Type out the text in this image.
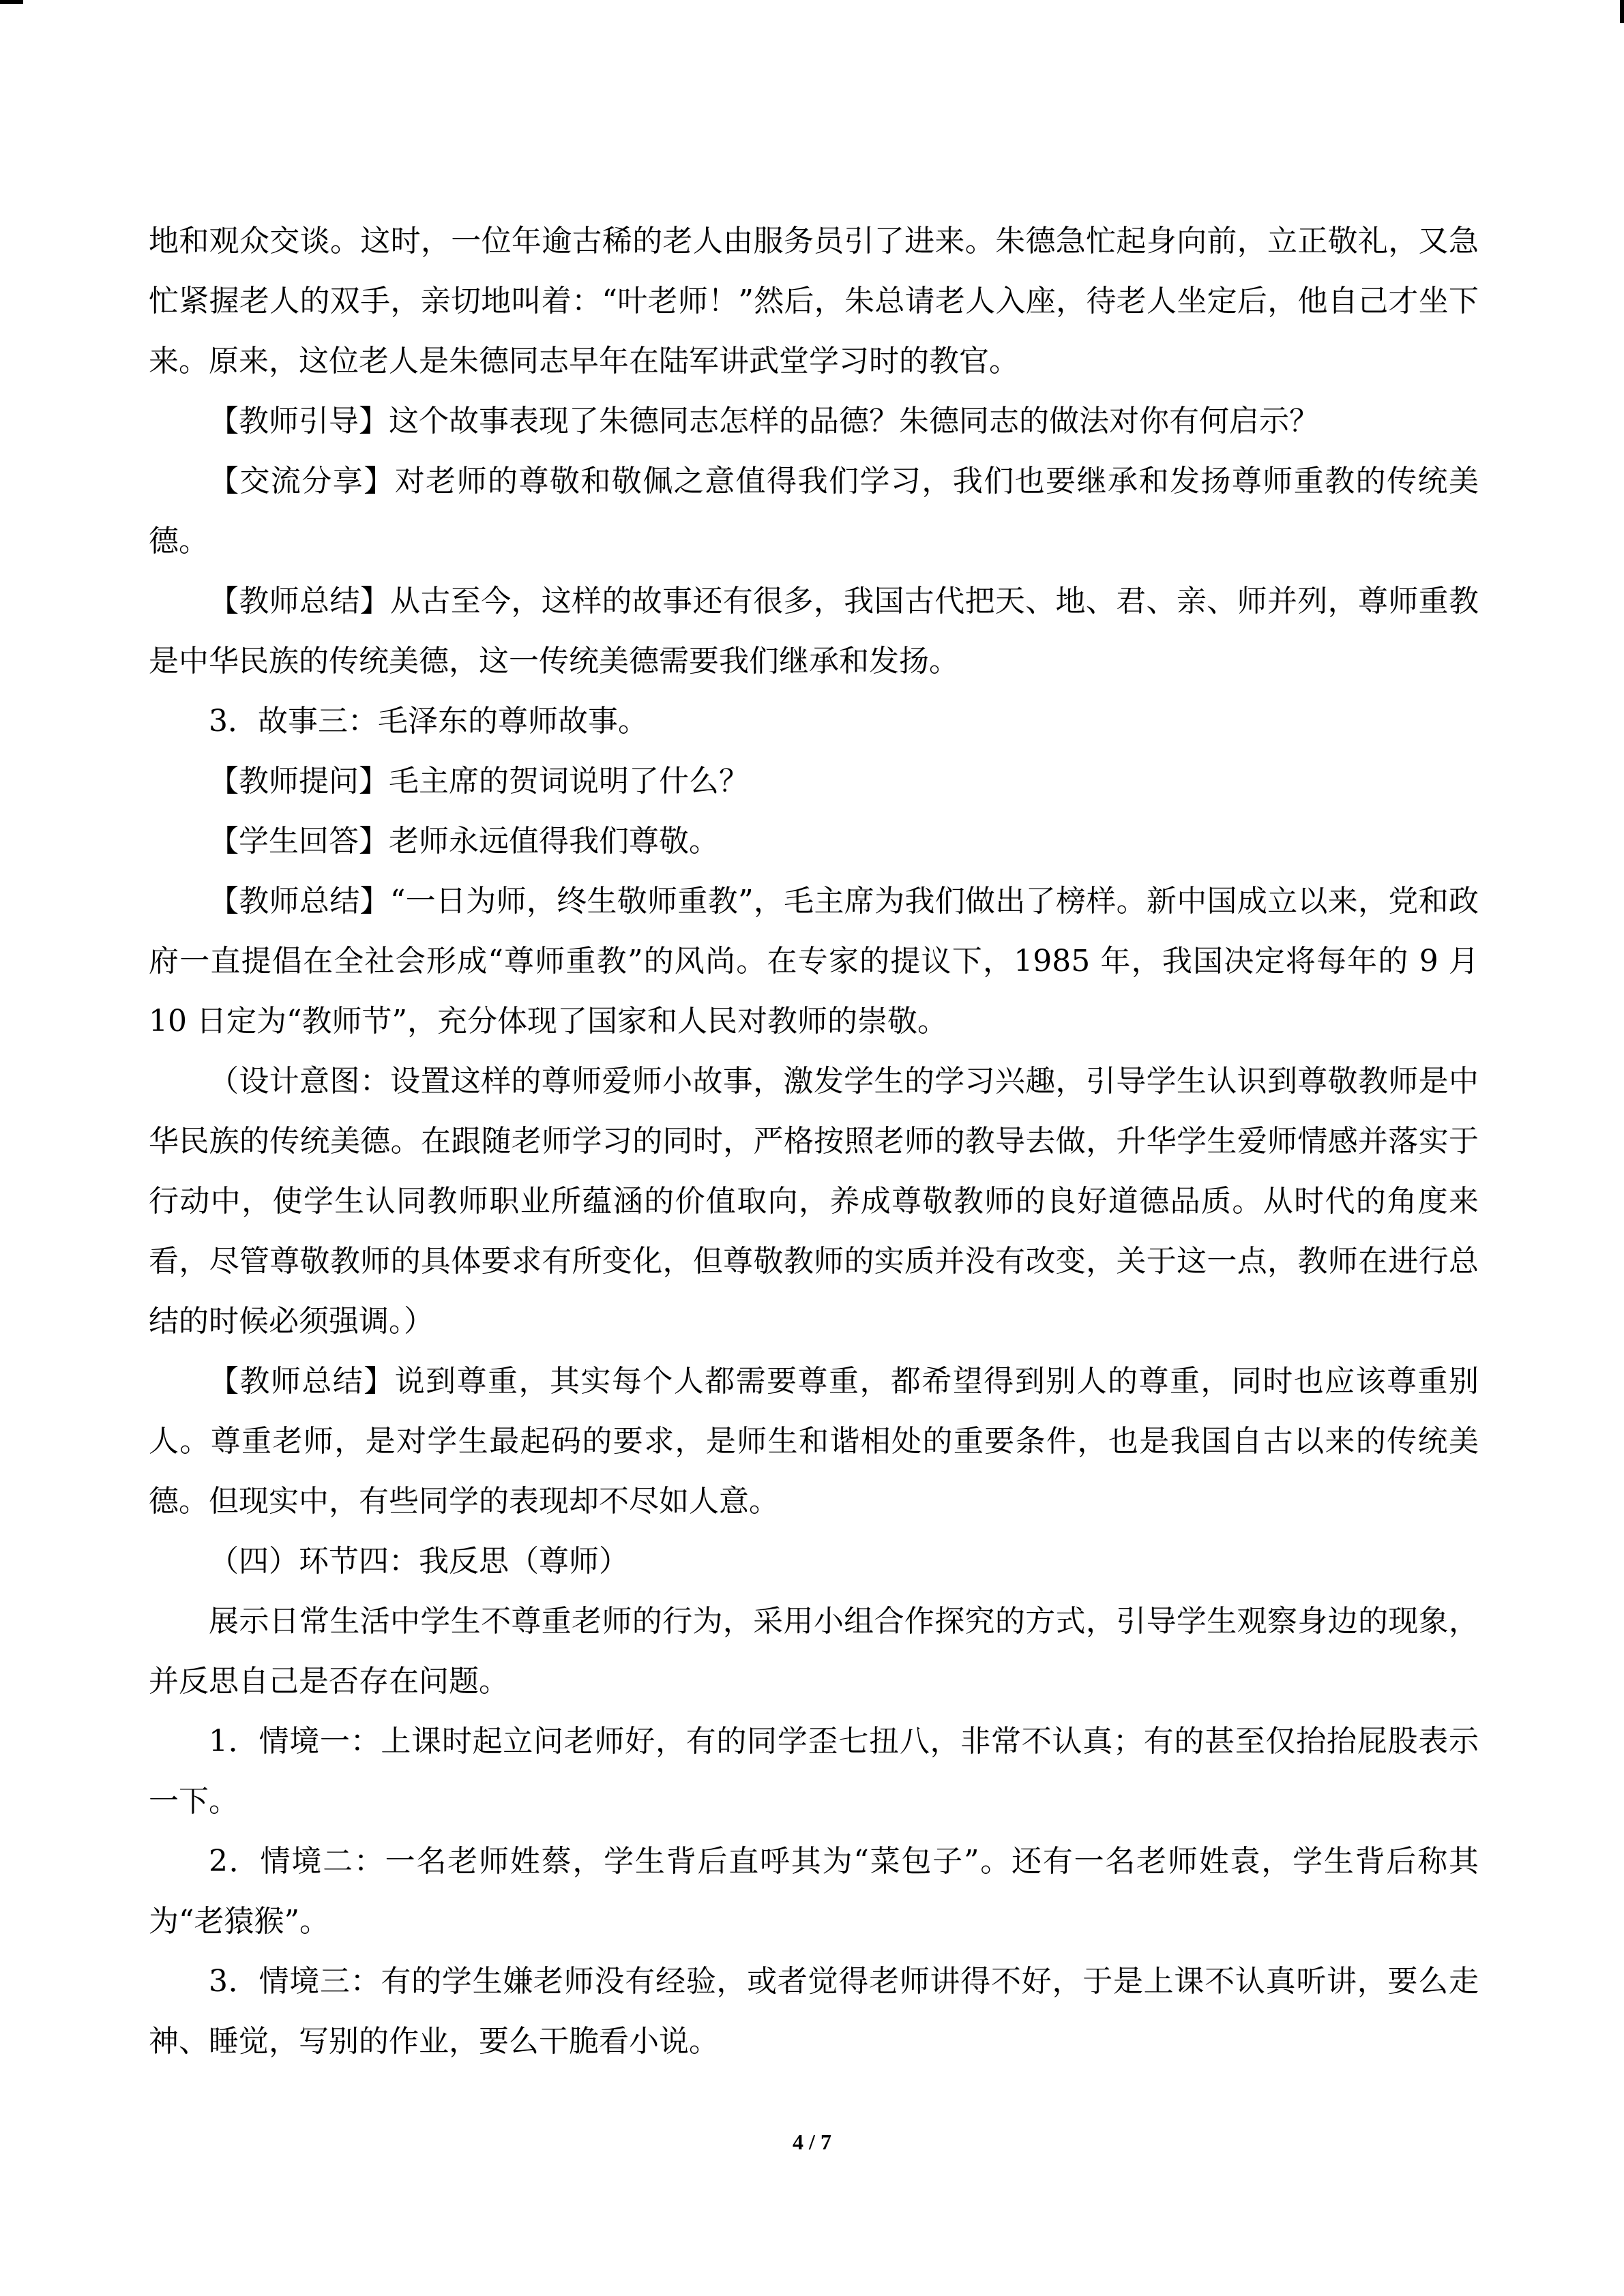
地和观众交谈。这时，一位年逾古稀的老人由服务员引了进来。朱德急忙起身向前，立正敬礼，又急忙紧握老人的双手，亲切地叫着：“叶老师！”然后，朱总请老人入座，待老人坐定后，他自己才坐下来。原来，这位老人是朱德同志早年在陆军讲武堂学习时的教官。

【教师引导】这个故事表现了朱德同志怎样的品德？朱德同志的做法对你有何启示？

【交流分享】对老师的尊敬和敬佩之意值得我们学习，我们也要继承和发扬尊师重教的传统美德。

【教师总结】从古至今，这样的故事还有很多，我国古代把天、地、君、亲、师并列，尊师重教是中华民族的传统美德，这一传统美德需要我们继承和发扬。

3．故事三：毛泽东的尊师故事。

【教师提问】毛主席的贺词说明了什么？

【学生回答】老师永远值得我们尊敬。

【教师总结】“一日为师，终生敬师重教”，毛主席为我们做出了榜样。新中国成立以来，党和政府一直提倡在全社会形成“尊师重教”的风尚。在专家的提议下，1985 年，我国决定将每年的 9 月 10 日定为“教师节”，充分体现了国家和人民对教师的崇敬。

（设计意图：设置这样的尊师爱师小故事，激发学生的学习兴趣，引导学生认识到尊敬教师是中华民族的传统美德。在跟随老师学习的同时，严格按照老师的教导去做，升华学生爱师情感并落实于行动中，使学生认同教师职业所蕴涵的价值取向，养成尊敬教师的良好道德品质。从时代的角度来看，尽管尊敬教师的具体要求有所变化，但尊敬教师的实质并没有改变，关于这一点，教师在进行总结的时候必须强调。）

【教师总结】说到尊重，其实每个人都需要尊重，都希望得到别人的尊重，同时也应该尊重别人。尊重老师，是对学生最起码的要求，是师生和谐相处的重要条件，也是我国自古以来的传统美德。但现实中，有些同学的表现却不尽如人意。

（四）环节四：我反思（尊师）

展示日常生活中学生不尊重老师的行为，采用小组合作探究的方式，引导学生观察身边的现象，并反思自己是否存在问题。

1．情境一：上课时起立问老师好，有的同学歪七扭八，非常不认真；有的甚至仅抬抬屁股表示一下。

2．情境二：一名老师姓蔡，学生背后直呼其为“菜包子”。还有一名老师姓袁，学生背后称其为“老猿猴”。

3．情境三：有的学生嫌老师没有经验，或者觉得老师讲得不好，于是上课不认真听讲，要么走神、睡觉，写别的作业，要么干脆看小说。

4 / 7
